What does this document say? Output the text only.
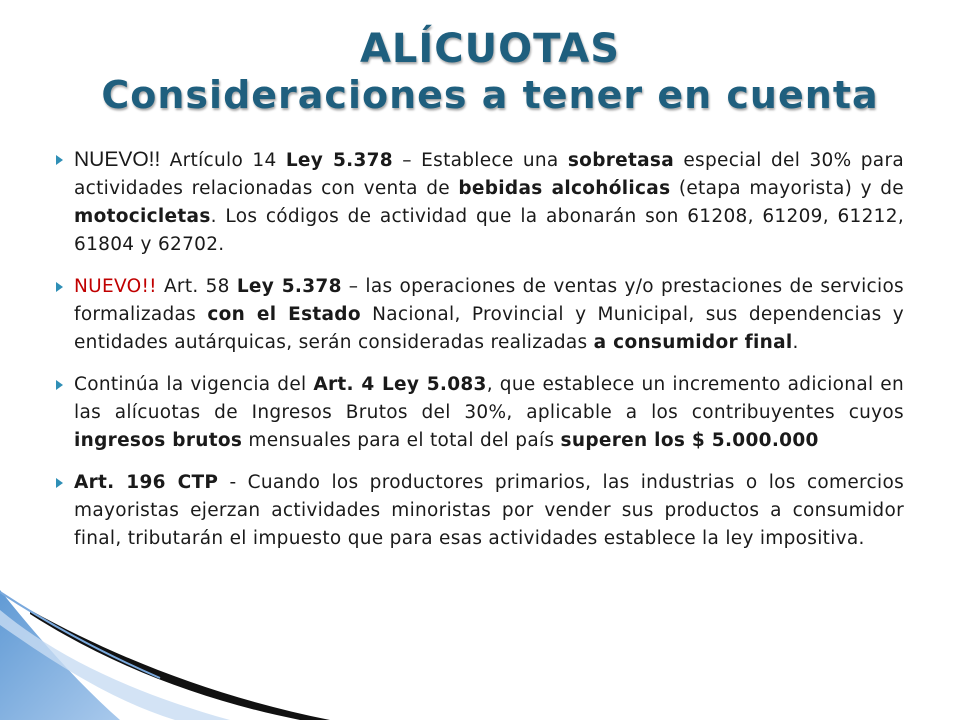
ALÍCUOTAS
Consideraciones a tener en cuenta
NUEVO!! Artículo 14 Ley 5.378 – Establece una sobretasa especial del 30% para actividades relacionadas con venta de bebidas alcohólicas (etapa mayorista) y de motocicletas. Los códigos de actividad que la abonarán son 61208, 61209, 61212, 61804 y 62702.
NUEVO!! Art. 58 Ley 5.378 – las operaciones de ventas y/o prestaciones de servicios formalizadas con el Estado Nacional, Provincial y Municipal, sus dependencias y entidades autárquicas, serán consideradas realizadas a consumidor final.
Continúa la vigencia del Art. 4 Ley 5.083, que establece un incremento adicional en las alícuotas de Ingresos Brutos del 30%, aplicable a los contribuyentes cuyos ingresos brutos mensuales para el total del país superen los $ 5.000.000
Art. 196 CTP - Cuando los productores primarios, las industrias o los comercios mayoristas ejerzan actividades minoristas por vender sus productos a consumidor final, tributarán el impuesto que para esas actividades establece la ley impositiva.
